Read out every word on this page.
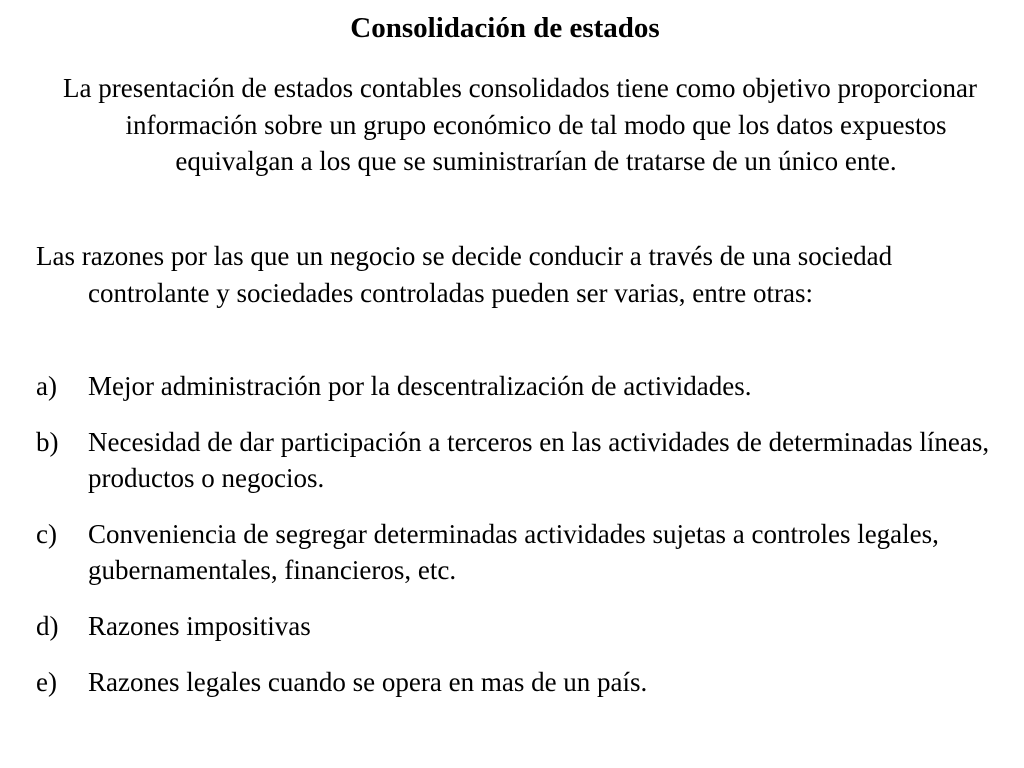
Consolidación de estados

La presentación de estados contables consolidados tiene como objetivo proporcionar información sobre un grupo económico de tal modo que los datos expuestos equivalgan a los que se suministrarían de tratarse de un único ente.

Las razones por las que un negocio se decide conducir a través de una sociedad controlante y sociedades controladas pueden ser varias, entre otras:

a)	Mejor administración por la descentralización de actividades.
b)	Necesidad de dar participación a terceros en las actividades de determinadas líneas, productos o negocios.
c)	Conveniencia de segregar determinadas actividades sujetas a controles legales, gubernamentales, financieros, etc.
d)	Razones impositivas
e)	Razones legales cuando se opera en mas de un país.
